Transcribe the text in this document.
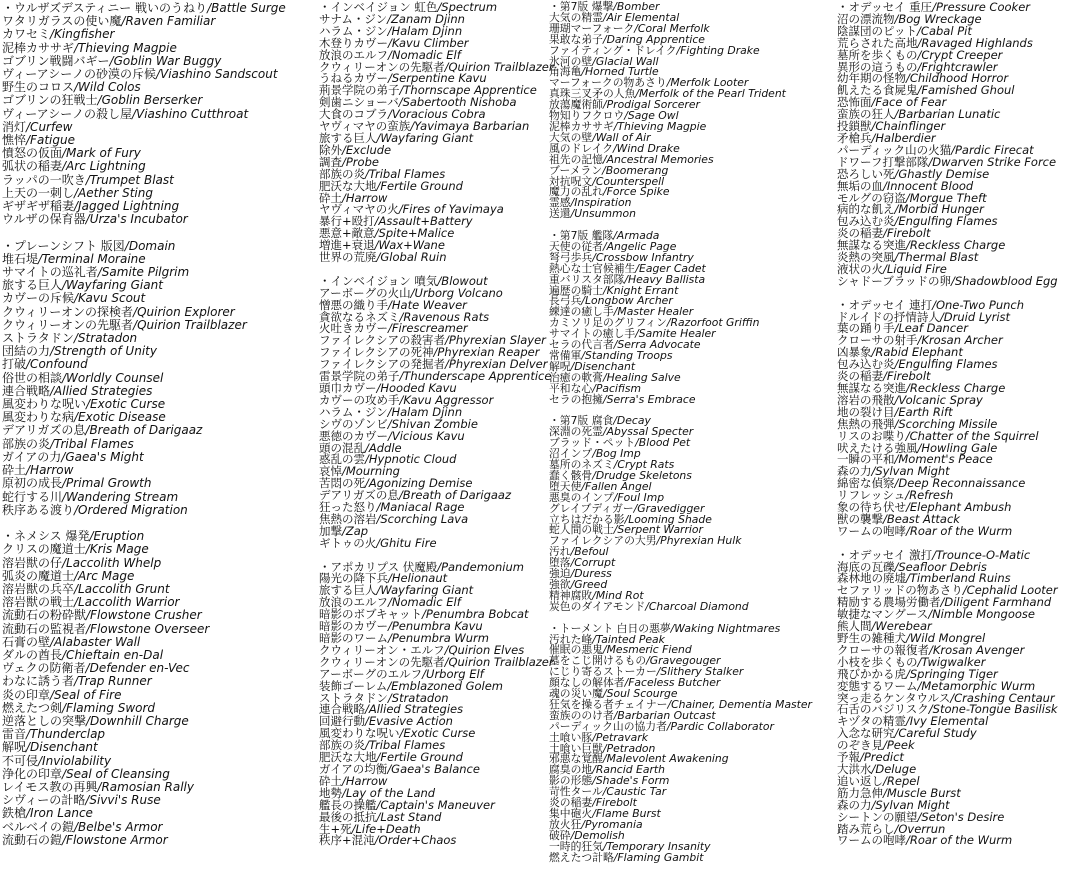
・ウルザズデスティニー 戦いのうねり/Battle Surge
ワタリガラスの使い魔/Raven Familiar
カワセミ/Kingfisher
泥棒カササギ/Thieving Magpie
ゴブリン戦闘バギー/Goblin War Buggy
ヴィーアシーノの砂漠の斥候/Viashino Sandscout
野生のコロス/Wild Colos
ゴブリンの狂戦士/Goblin Berserker
ヴィーアシーノの殺し屋/Viashino Cutthroat
消灯/Curfew
憔悴/Fatigue
憤怒の仮面/Mark of Fury
弧状の稲妻/Arc Lightning
ラッパの一吹き/Trumpet Blast
上天の一刺し/Aether Sting
ギザギザ稲妻/Jagged Lightning
ウルザの保育器/Urza's Incubator
・プレーンシフト 版図/Domain
堆石堤/Terminal Moraine
サマイトの巡礼者/Samite Pilgrim
旅する巨人/Wayfaring Giant
カヴーの斥候/Kavu Scout
クウィリーオンの探検者/Quirion Explorer
クウィリーオンの先駆者/Quirion Trailblazer
ストラタドン/Stratadon
団結の力/Strength of Unity
打破/Confound
俗世の相談/Worldly Counsel
連合戦略/Allied Strategies
風変わりな呪い/Exotic Curse
風変わりな病/Exotic Disease
デアリガズの息/Breath of Darigaaz
部族の炎/Tribal Flames
ガイアの力/Gaea's Might
砕土/Harrow
原初の成長/Primal Growth
蛇行する川/Wandering Stream
秩序ある渡り/Ordered Migration
・ネメシス 爆発/Eruption
クリスの魔道士/Kris Mage
溶岩獣の仔/Laccolith Whelp
弧炎の魔道士/Arc Mage
溶岩獣の兵卒/Laccolith Grunt
溶岩獣の戦士/Laccolith Warrior
流動石の粉砕獣/Flowstone Crusher
流動石の監視者/Flowstone Overseer
石膏の壁/Alabaster Wall
ダルの酋長/Chieftain en-Dal
ヴェクの防衛者/Defender en-Vec
わなに誘う者/Trap Runner
炎の印章/Seal of Fire
燃えたつ剣/Flaming Sword
逆落としの突撃/Downhill Charge
雷音/Thunderclap
解呪/Disenchant
不可侵/Inviolability
浄化の印章/Seal of Cleansing
レイモス教の再興/Ramosian Rally
シヴィーの計略/Sivvi's Ruse
鉄槍/Iron Lance
ベルベイの鎧/Belbe's Armor
流動石の鎧/Flowstone Armor
・インベイジョン 虹色/Spectrum
サナム・ジン/Zanam Djinn
ハラム・ジン/Halam Djinn
木登りカヴー/Kavu Climber
放浪のエルフ/Nomadic Elf
クウィリーオンの先駆者/Quirion Trailblazer
うねるカヴー/Serpentine Kavu
荊景学院の弟子/Thornscape Apprentice
剣歯ニショーバ/Sabertooth Nishoba
大食のコブラ/Voracious Cobra
ヤヴィマヤの蛮族/Yavimaya Barbarian
旅する巨人/Wayfaring Giant
除外/Exclude
調査/Probe
部族の炎/Tribal Flames
肥沃な大地/Fertile Ground
砕土/Harrow
ヤヴィマヤの火/Fires of Yavimaya
暴行+殴打/Assault+Battery
悪意+敵意/Spite+Malice
増進+衰退/Wax+Wane
世界の荒廃/Global Ruin
・インベイジョン 噴気/Blowout
アーボーグの火山/Urborg Volcano
憎悪の織り手/Hate Weaver
貪欲なるネズミ/Ravenous Rats
火吐きカヴー/Firescreamer
ファイレクシアの殺害者/Phyrexian Slayer
ファイレクシアの死神/Phyrexian Reaper
ファイレクシアの発掘者/Phyrexian Delver
雷景学院の弟子/Thunderscape Apprentice
頭巾カヴー/Hooded Kavu
カヴーの攻め手/Kavu Aggressor
ハラム・ジン/Halam Djinn
シヴのゾンビ/Shivan Zombie
悪徳のカヴー/Vicious Kavu
頭の混乱/Addle
惑乱の雲/Hypnotic Cloud
哀悼/Mourning
苦悶の死/Agonizing Demise
デアリガズの息/Breath of Darigaaz
狂った怒り/Maniacal Rage
焦熱の溶岩/Scorching Lava
加撃/Zap
ギトゥの火/Ghitu Fire
・アポカリプス 伏魔殿/Pandemonium
陽光の降下兵/Helionaut
旅する巨人/Wayfaring Giant
放浪のエルフ/Nomadic Elf
暗影のボブキャット/Penumbra Bobcat
暗影のカヴー/Penumbra Kavu
暗影のワーム/Penumbra Wurm
クウィリーオン・エルフ/Quirion Elves
クウィリーオンの先駆者/Quirion Trailblazer
アーボーグのエルフ/Urborg Elf
装飾ゴーレム/Emblazoned Golem
ストラタドン/Stratadon
連合戦略/Allied Strategies
回避行動/Evasive Action
風変わりな呪い/Exotic Curse
部族の炎/Tribal Flames
肥沃な大地/Fertile Ground
ガイアの均衡/Gaea's Balance
砕土/Harrow
地勢/Lay of the Land
艦長の操艦/Captain's Maneuver
最後の抵抗/Last Stand
生+死/Life+Death
秩序+混沌/Order+Chaos
・第7版 爆撃/Bomber
大気の精霊/Air Elemental
珊瑚マーフォーク/Coral Merfolk
果敢な弟子/Daring Apprentice
ファイティング・ドレイク/Fighting Drake
氷河の壁/Glacial Wall
角海亀/Horned Turtle
マーフォークの物あさり/Merfolk Looter
真珠三叉矛の人魚/Merfolk of the Pearl Trident
放蕩魔術師/Prodigal Sorcerer
物知りフクロウ/Sage Owl
泥棒カササギ/Thieving Magpie
大気の壁/Wall of Air
風のドレイク/Wind Drake
祖先の記憶/Ancestral Memories
ブーメラン/Boomerang
対抗呪文/Counterspell
魔力の乱れ/Force Spike
霊感/Inspiration
送還/Unsummon
・第7版 艦隊/Armada
天使の従者/Angelic Page
弩弓歩兵/Crossbow Infantry
熱心な士官候補生/Eager Cadet
重バリスタ部隊/Heavy Ballista
遍歴の騎士/Knight Errant
長弓兵/Longbow Archer
練達の癒し手/Master Healer
カミソリ足のグリフィン/Razorfoot Griffin
サマイトの癒し手/Samite Healer
セラの代言者/Serra Advocate
常備軍/Standing Troops
解呪/Disenchant
治癒の軟膏/Healing Salve
平和な心/Pacifism
セラの抱擁/Serra's Embrace
・第7版 腐食/Decay
深淵の死霊/Abyssal Specter
ブラッド・ペット/Blood Pet
沼インプ/Bog Imp
墓所のネズミ/Crypt Rats
蠢く骸骨/Drudge Skeletons
堕天使/Fallen Angel
悪臭のインプ/Foul Imp
グレイブディガー/Gravedigger
立ちはだかる影/Looming Shade
蛇人間の戦士/Serpent Warrior
ファイレクシアの大男/Phyrexian Hulk
汚れ/Befoul
堕落/Corrupt
強迫/Duress
強欲/Greed
精神腐敗/Mind Rot
炭色のダイアモンド/Charcoal Diamond
・トーメント 白日の悪夢/Waking Nightmares
汚れた峰/Tainted Peak
催眠の悪鬼/Mesmeric Fiend
墓をこじ開けるもの/Gravegouger
にじり寄るストーカー/Slithery Stalker
顔なしの解体者/Faceless Butcher
魂の災い魔/Soul Scourge
狂気を操る者チェイナー/Chainer, Dementia Master
蛮族ののけ者/Barbarian Outcast
パーディック山の協力者/Pardic Collaborator
土喰い豚/Petravark
土喰い巨獣/Petradon
邪悪な覚醒/Malevolent Awakening
腐臭の地/Rancid Earth
影の形態/Shade's Form
苛性タール/Caustic Tar
炎の稲妻/Firebolt
集中砲火/Flame Burst
放火狂/Pyromania
破砕/Demolish
一時的狂気/Temporary Insanity
燃えたつ計略/Flaming Gambit
・オデッセイ 重圧/Pressure Cooker
沼の漂流物/Bog Wreckage
陰謀団のピット/Cabal Pit
荒らされた高地/Ravaged Highlands
墓所を歩くもの/Crypt Creeper
異形の這うもの/Frightcrawler
幼年期の怪物/Childhood Horror
飢えたる食屍鬼/Famished Ghoul
恐怖面/Face of Fear
蛮族の狂人/Barbarian Lunatic
投鎖獣/Chainflinger
矛槍兵/Halberdier
パーディック山の火猫/Pardic Firecat
ドワーフ打撃部隊/Dwarven Strike Force
恐ろしい死/Ghastly Demise
無垢の血/Innocent Blood
モルグの窃盗/Morgue Theft
病的な飢え/Morbid Hunger
包み込む炎/Engulfing Flames
炎の稲妻/Firebolt
無謀なる突進/Reckless Charge
炎熱の突風/Thermal Blast
液状の火/Liquid Fire
シャドーブラッドの卵/Shadowblood Egg
・オデッセイ 連打/One-Two Punch
ドルイドの抒情詩人/Druid Lyrist
葉の踊り手/Leaf Dancer
クローサの射手/Krosan Archer
凶暴象/Rabid Elephant
包み込む炎/Engulfing Flames
炎の稲妻/Firebolt
無謀なる突進/Reckless Charge
溶岩の飛散/Volcanic Spray
地の裂け目/Earth Rift
焦熱の飛弾/Scorching Missile
リスのお喋り/Chatter of the Squirrel
吠えたける強風/Howling Gale
一瞬の平和/Moment's Peace
森の力/Sylvan Might
綿密な偵察/Deep Reconnaissance
リフレッシュ/Refresh
象の待ち伏せ/Elephant Ambush
獣の襲撃/Beast Attack
ワームの咆哮/Roar of the Wurm
・オデッセイ 激打/Trounce-O-Matic
海底の瓦礫/Seafloor Debris
森林地の廃墟/Timberland Ruins
セファリッドの物あさり/Cephalid Looter
精励する農場労働者/Diligent Farmhand
敏捷なマングース/Nimble Mongoose
熊人間/Werebear
野生の雑種犬/Wild Mongrel
クローサの報復者/Krosan Avenger
小枝を歩くもの/Twigwalker
飛びかかる虎/Springing Tiger
変態するワーム/Metamorphic Wurm
突っ走るケンタウルス/Crashing Centaur
石舌のバジリスク/Stone-Tongue Basilisk
キヅタの精霊/Ivy Elemental
入念な研究/Careful Study
のぞき見/Peek
予報/Predict
大洪水/Deluge
追い返し/Repel
筋力急伸/Muscle Burst
森の力/Sylvan Might
シートンの願望/Seton's Desire
踏み荒らし/Overrun
ワームの咆哮/Roar of the Wurm
